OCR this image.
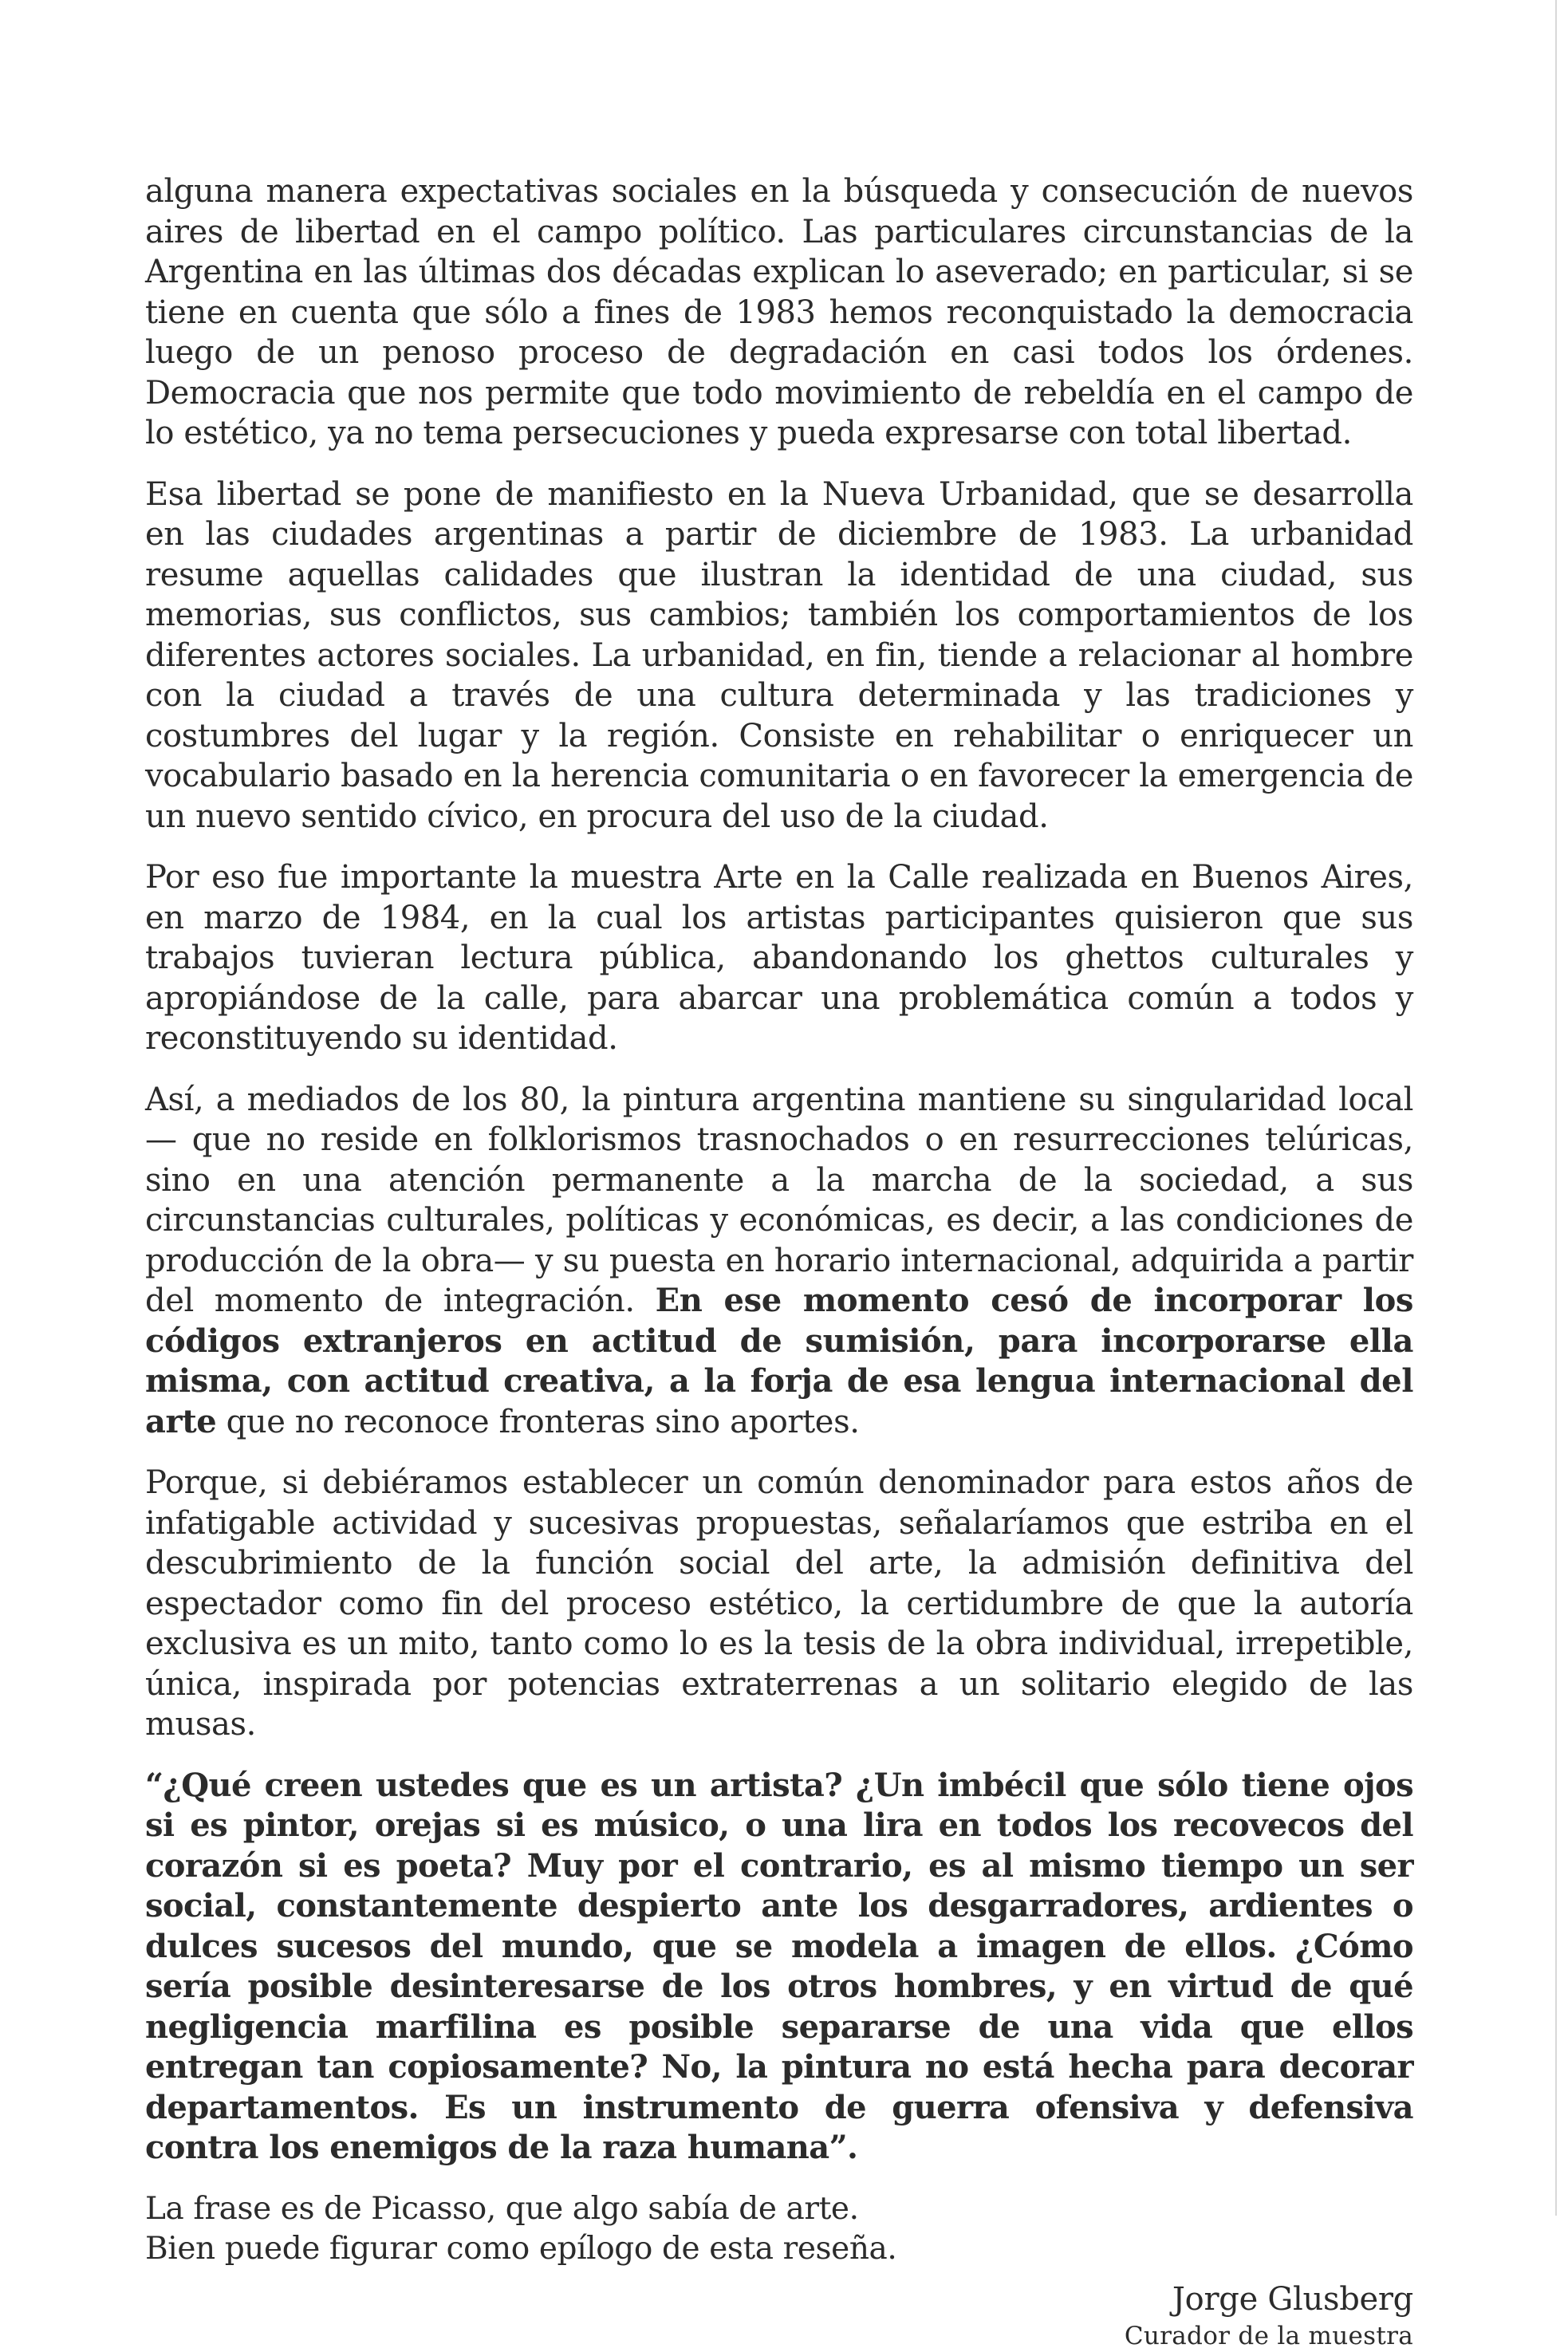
alguna manera expectativas sociales en la búsqueda y consecución de nuevos aires de libertad en el campo político. Las particulares circunstancias de la Argentina en las últimas dos décadas explican lo aseverado; en particular, si se tiene en cuenta que sólo a fines de 1983 hemos reconquistado la democracia luego de un penoso proceso de degradación en casi todos los órdenes. Democracia que nos permite que todo movimiento de rebeldía en el campo de lo estético, ya no tema persecuciones y pueda expresarse con total libertad.

Esa libertad se pone de manifiesto en la Nueva Urbanidad, que se desarrolla en las ciudades argentinas a partir de diciembre de 1983. La urbanidad resume aquellas calidades que ilustran la identidad de una ciudad, sus memorias, sus conflictos, sus cambios; también los comportamientos de los diferentes actores sociales. La urbanidad, en fin, tiende a relacionar al hombre con la ciudad a través de una cultura determinada y las tradiciones y costumbres del lugar y la región. Consiste en rehabilitar o enriquecer un vocabulario basado en la herencia comunitaria o en favorecer la emergencia de un nuevo sentido cívico, en procura del uso de la ciudad.

Por eso fue importante la muestra Arte en la Calle realizada en Buenos Aires, en marzo de 1984, en la cual los artistas participantes quisieron que sus trabajos tuvieran lectura pública, abandonando los ghettos culturales y apropiándose de la calle, para abarcar una problemática común a todos y reconstituyendo su identidad.

Así, a mediados de los 80, la pintura argentina mantiene su singularidad local — que no reside en folklorismos trasnochados o en resurrecciones telúricas, sino en una atención permanente a la marcha de la sociedad, a sus circunstancias culturales, políticas y económicas, es decir, a las condiciones de producción de la obra— y su puesta en horario internacional, adquirida a partir del momento de integración. En ese momento cesó de incorporar los códigos extranjeros en actitud de sumisión, para incorporarse ella misma, con actitud creativa, a la forja de esa lengua internacional del arte que no reconoce fronteras sino aportes.

Porque, si debiéramos establecer un común denominador para estos años de infatigable actividad y sucesivas propuestas, señalaríamos que estriba en el descubrimiento de la función social del arte, la admisión definitiva del espectador como fin del proceso estético, la certidumbre de que la autoría exclusiva es un mito, tanto como lo es la tesis de la obra individual, irrepetible, única, inspirada por potencias extraterrenas a un solitario elegido de las musas.

“¿Qué creen ustedes que es un artista? ¿Un imbécil que sólo tiene ojos si es pintor, orejas si es músico, o una lira en todos los recovecos del corazón si es poeta? Muy por el contrario, es al mismo tiempo un ser social, constantemente despierto ante los desgarradores, ardientes o dulces sucesos del mundo, que se modela a imagen de ellos. ¿Cómo sería posible desinteresarse de los otros hombres, y en virtud de qué negligencia marfilina es posible separarse de una vida que ellos entregan tan copiosamente? No, la pintura no está hecha para decorar departamentos. Es un instrumento de guerra ofensiva y defensiva contra los enemigos de la raza humana”.

La frase es de Picasso, que algo sabía de arte.

Bien puede figurar como epílogo de esta reseña.

Jorge Glusberg
Curador de la muestra
